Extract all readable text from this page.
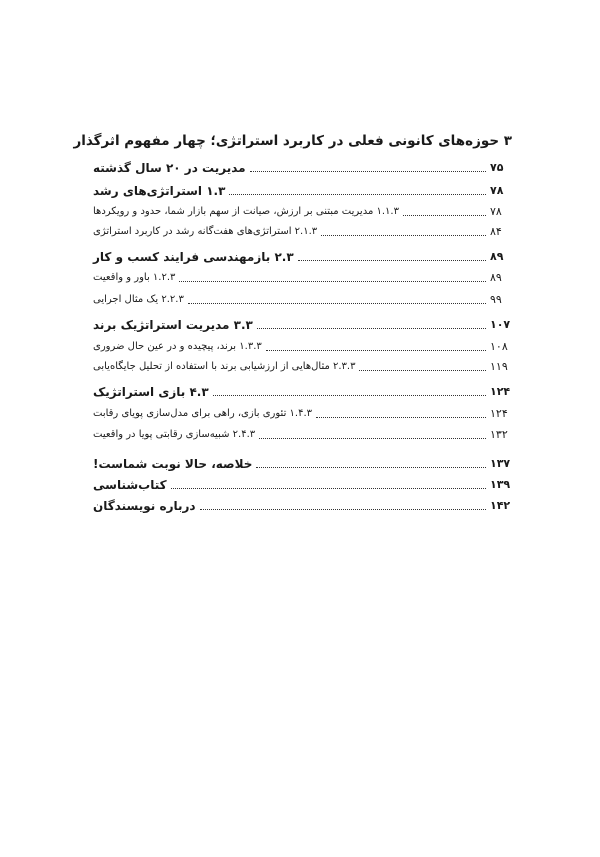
۳ حوزه‌های کانونی فعلی در کاربرد استراتژی؛ چهار مفهوم اثرگذار
مدیریت در ۲۰ سال گذشته	۷۵
۱.۳ استراتژی‌های رشد	۷۸
۱.۱.۳ مدیریت مبتنی بر ارزش، صیانت از سهم بازار شما، حدود و رویکردها	۷۸
۲.۱.۳ استراتژی‌های هفت‌گانه رشد در کاربرد استراتژی	۸۴
۲.۳ بازمهندسی فرایند کسب و کار	۸۹
۱.۲.۳ باور و واقعیت	۸۹
۲.۲.۳ یک مثال اجرایی	۹۹
۳.۳ مدیریت استراتژیک برند	۱۰۷
۱.۳.۳ برند، پیچیده و در عین حال ضروری	۱۰۸
۲.۳.۳ مثال‌هایی از ارزشیابی برند با استفاده از تحلیل جایگاه‌یابی	۱۱۹
۴.۳ بازی استراتژیک	۱۲۴
۱.۴.۳ تئوری بازی، راهی برای مدل‌سازی پویای رقابت	۱۲۴
۲.۴.۳ شبیه‌سازی رقابتی پویا در واقعیت	۱۳۲
خلاصه، حالا نوبت شماست!	۱۳۷
کتاب‌شناسی	۱۳۹
درباره نویسندگان	۱۴۲
